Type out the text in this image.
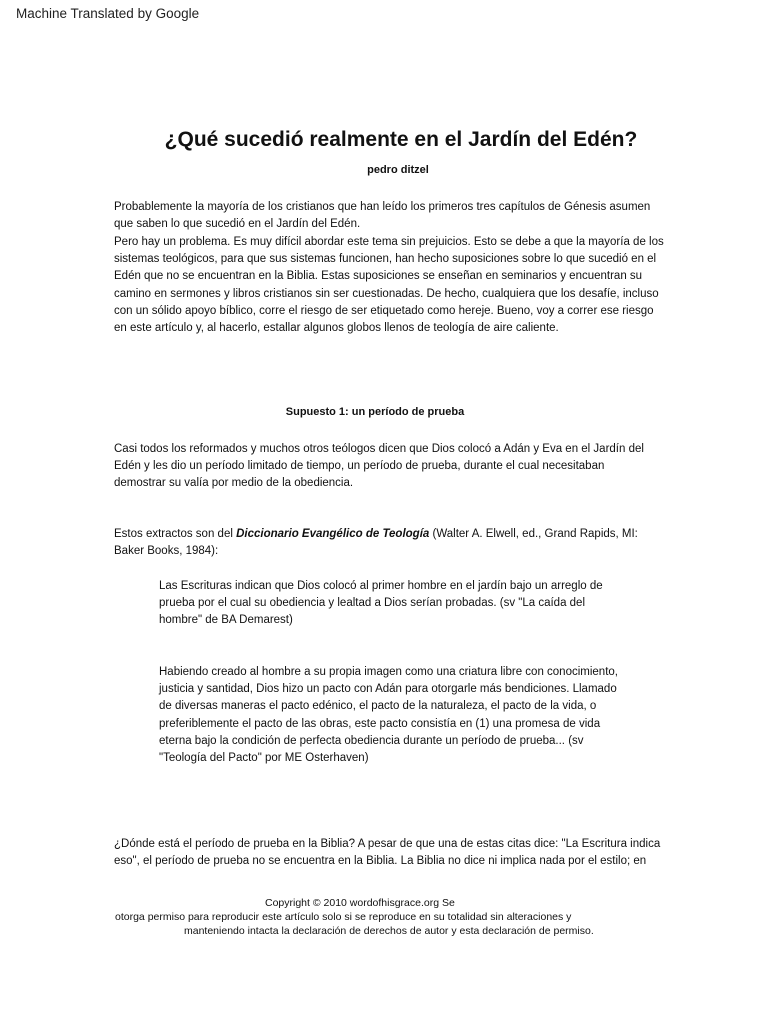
Machine Translated by Google
¿Qué sucedió realmente en el Jardín del Edén?
pedro ditzel

Probablemente la mayoría de los cristianos que han leído los primeros tres capítulos de Génesis asumen que saben lo que sucedió en el Jardín del Edén.

Pero hay un problema. Es muy difícil abordar este tema sin prejuicios. Esto se debe a que la mayoría de los sistemas teológicos, para que sus sistemas funcionen, han hecho suposiciones sobre lo que sucedió en el Edén que no se encuentran en la Biblia. Estas suposiciones se enseñan en seminarios y encuentran su camino en sermones y libros cristianos sin ser cuestionadas. De hecho, cualquiera que los desafíe, incluso con un sólido apoyo bíblico, corre el riesgo de ser etiquetado como hereje. Bueno, voy a correr ese riesgo en este artículo y, al hacerlo, estallar algunos globos llenos de teología de aire caliente.

Supuesto 1: un período de prueba

Casi todos los reformados y muchos otros teólogos dicen que Dios colocó a Adán y Eva en el Jardín del Edén y les dio un período limitado de tiempo, un período de prueba, durante el cual necesitaban demostrar su valía por medio de la obediencia.

Estos extractos son del Diccionario Evangélico de Teología (Walter A. Elwell, ed., Grand Rapids, MI: Baker Books, 1984):

Las Escrituras indican que Dios colocó al primer hombre en el jardín bajo un arreglo de prueba por el cual su obediencia y lealtad a Dios serían probadas. (sv "La caída del hombre" de BA Demarest)

Habiendo creado al hombre a su propia imagen como una criatura libre con conocimiento, justicia y santidad, Dios hizo un pacto con Adán para otorgarle más bendiciones. Llamado de diversas maneras el pacto edénico, el pacto de la naturaleza, el pacto de la vida, o preferiblemente el pacto de las obras, este pacto consistía en (1) una promesa de vida eterna bajo la condición de perfecta obediencia durante un período de prueba... (sv "Teología del Pacto" por ME Osterhaven)

¿Dónde está el período de prueba en la Biblia? A pesar de que una de estas citas dice: "La Escritura indica eso", el período de prueba no se encuentra en la Biblia. La Biblia no dice ni implica nada por el estilo; en

Copyright © 2010 wordofhisgrace.org Se
otorga permiso para reproducir este artículo solo si se reproduce en su totalidad sin alteraciones y
manteniendo intacta la declaración de derechos de autor y esta declaración de permiso.
